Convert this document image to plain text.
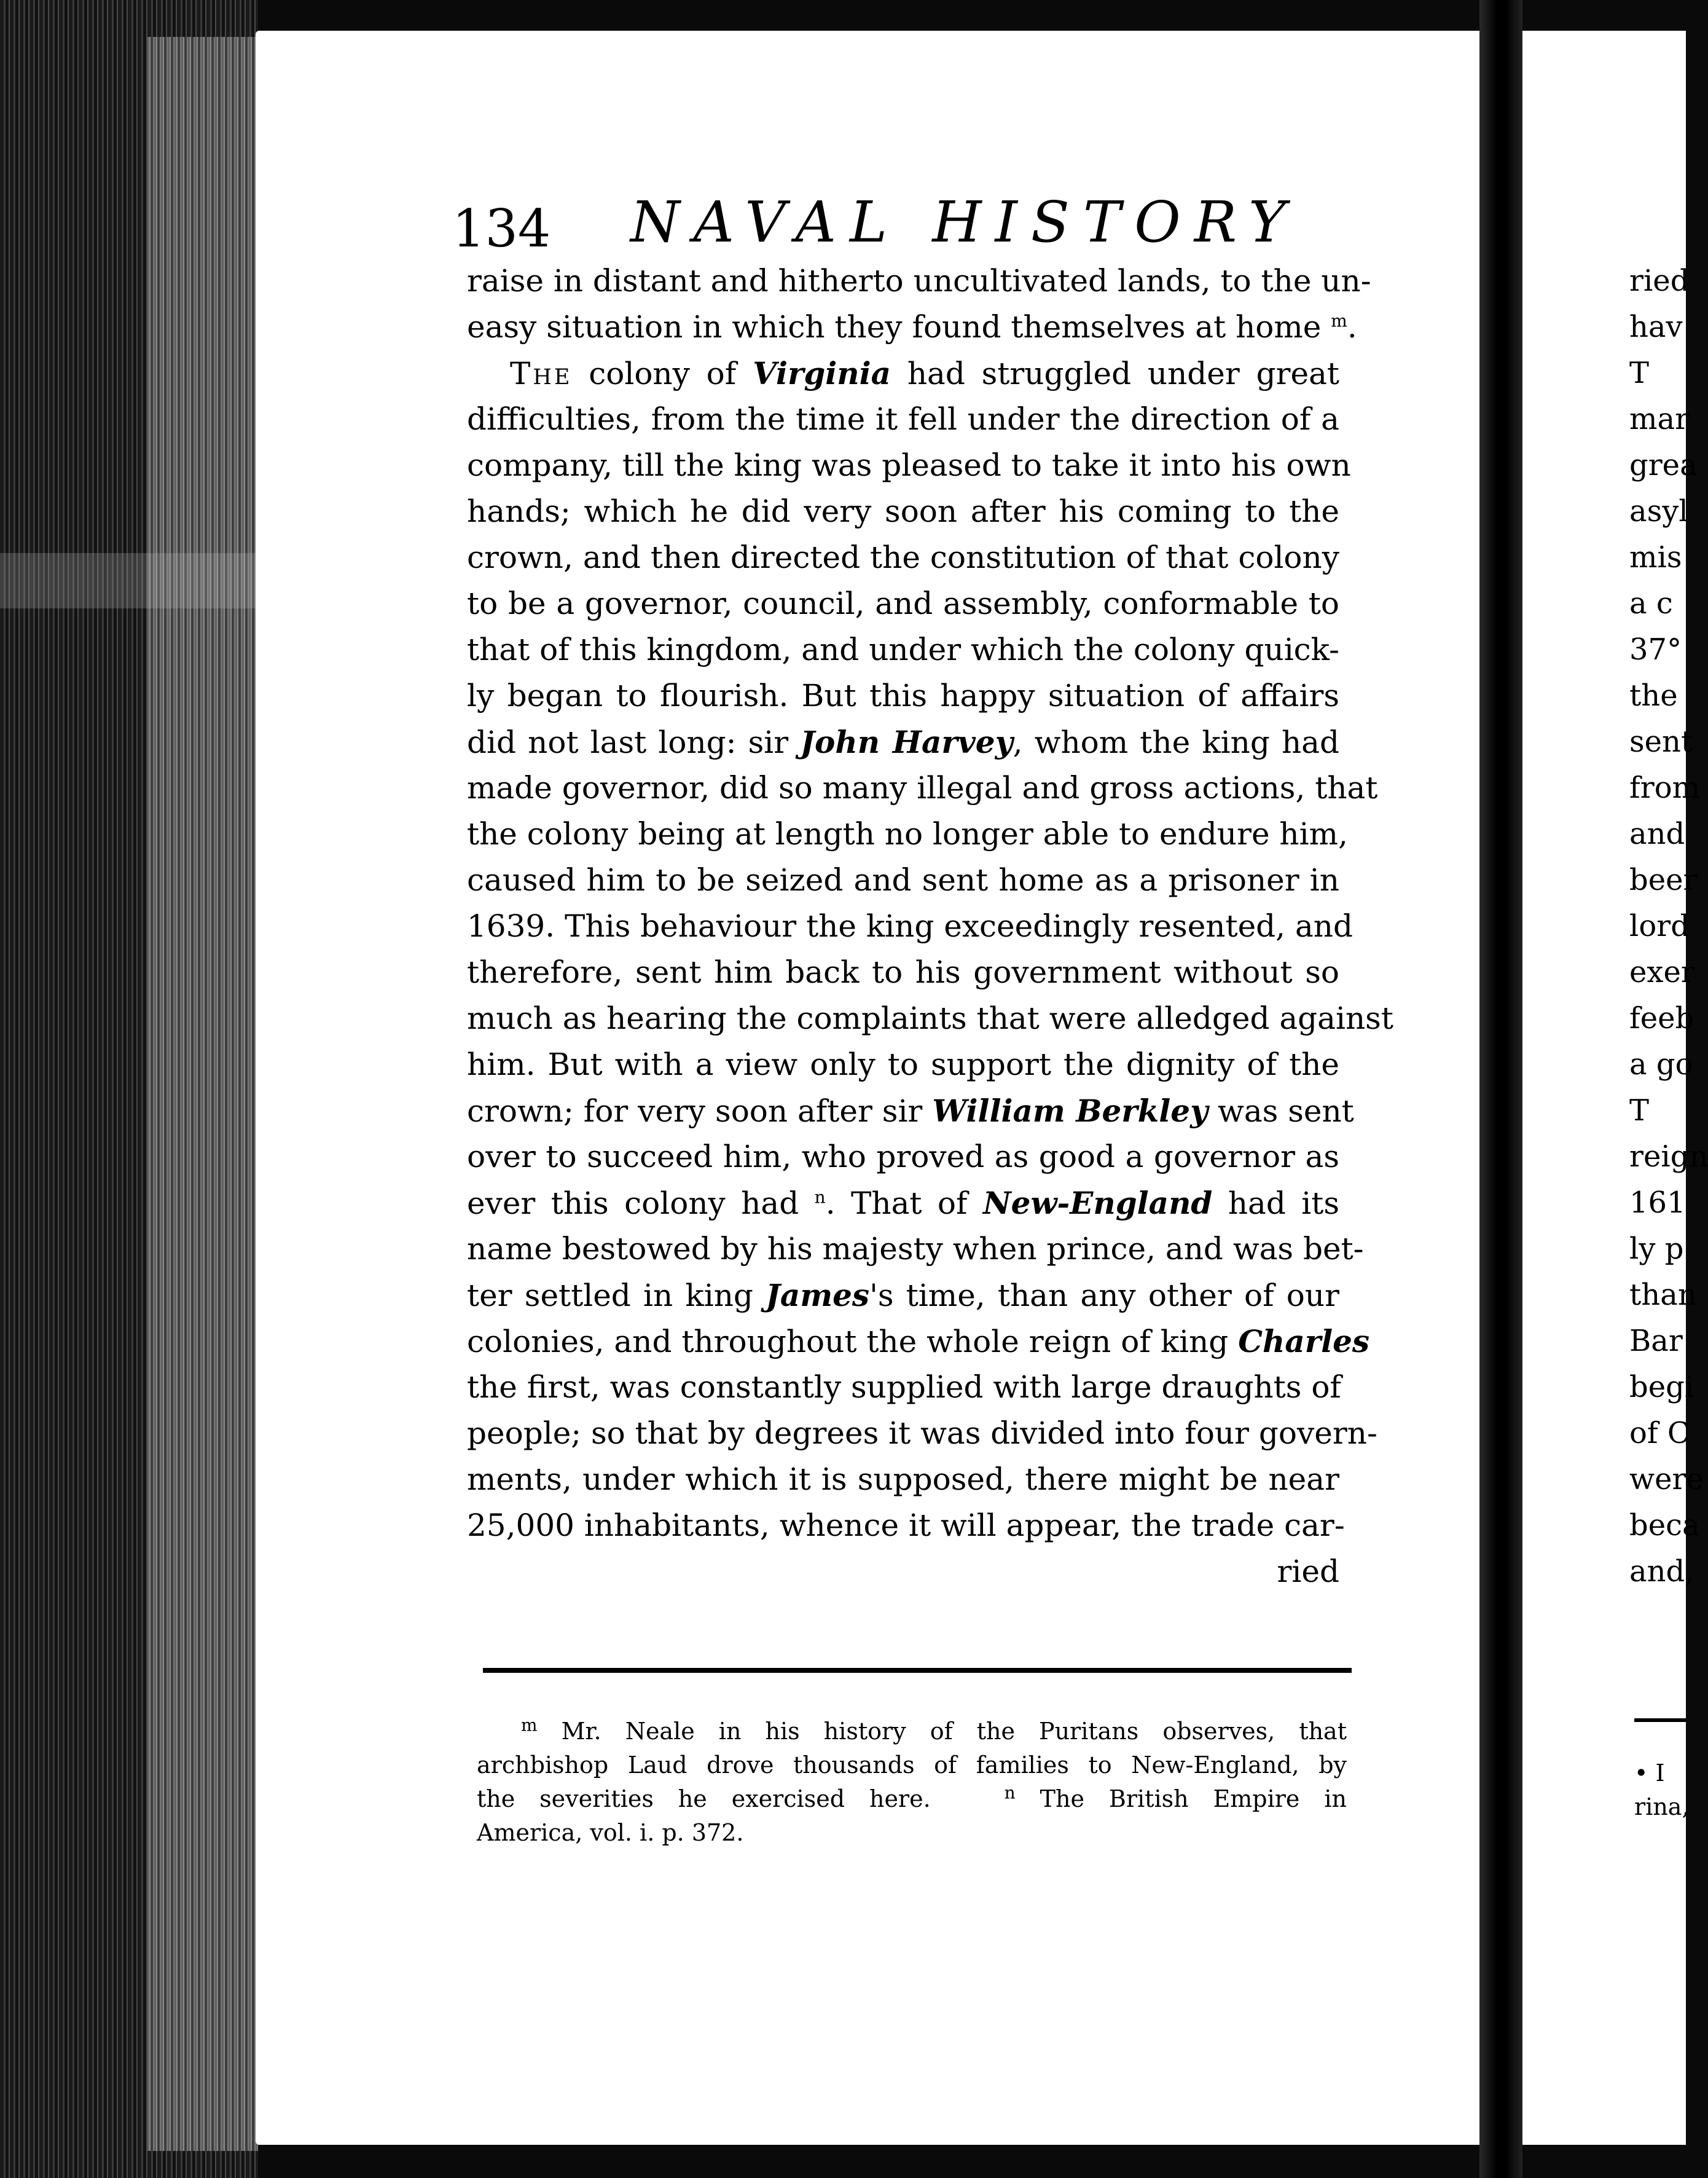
134 NAVAL HISTORY
raise in distant and hitherto uncultivated lands, to the un-
easy situation in which they found themselves at home $^m$
The colony of Virginia had struggled under great
difficulties, from the time it fell under the direction of a
company, till the king was pleased to take it into his own
hands; which he did very soon after his coming to the
crown, and then directed the constitution of that colony
to be a governor, council, and assembly, conformable to
that of this kingdom, and under which the colony quick-
ly began to flourish. But this happy situation of affairs
did not last long: sir John Harvey, whom the king had
made governor, did so many illegal and gross actions, that
the colony being at length no longer able to endure him,
caused him to be seized and sent home as a prisoner in
1639. This behaviour the king exceedingly resented, and
therefore, sent him back to his government without so
much as hearing the complaints that were alledged against
him. But with a view only to support the dignity of the
crown; for very soon after sir William Berkley was sent
over to succeed him, who proved as good a governor as
ever this colony had $^n$. That of New-England had its
name bestowed by his majesty when prince, and was bet-
ter settled in king James's time, than any other of our
colonies, and throughout the whole reign of king Charles
the first, was constantly supplied with large draughts of
people; so that by degrees it was divided into four govern-
ments, under which it is supposed, there might be near
25,000 inhabitants, whence it will appear, the trade car-
ried
$^m$ Mr. Neale in his history of the Puritans observes, that
archbishop Laud drove thousands of families to New-England, by
the severities he exercised here.	$^n$ The British Empire in
America, vol. i. p. 372.
ried
hav
T
mar
grea
asyl
mis
a c
37°
the
sent
from
and
beer
lord
exer
feeb
a go
T
reign
161
ly p
than
Bar
begi
of C
were
beca
and,
• I
rina,
